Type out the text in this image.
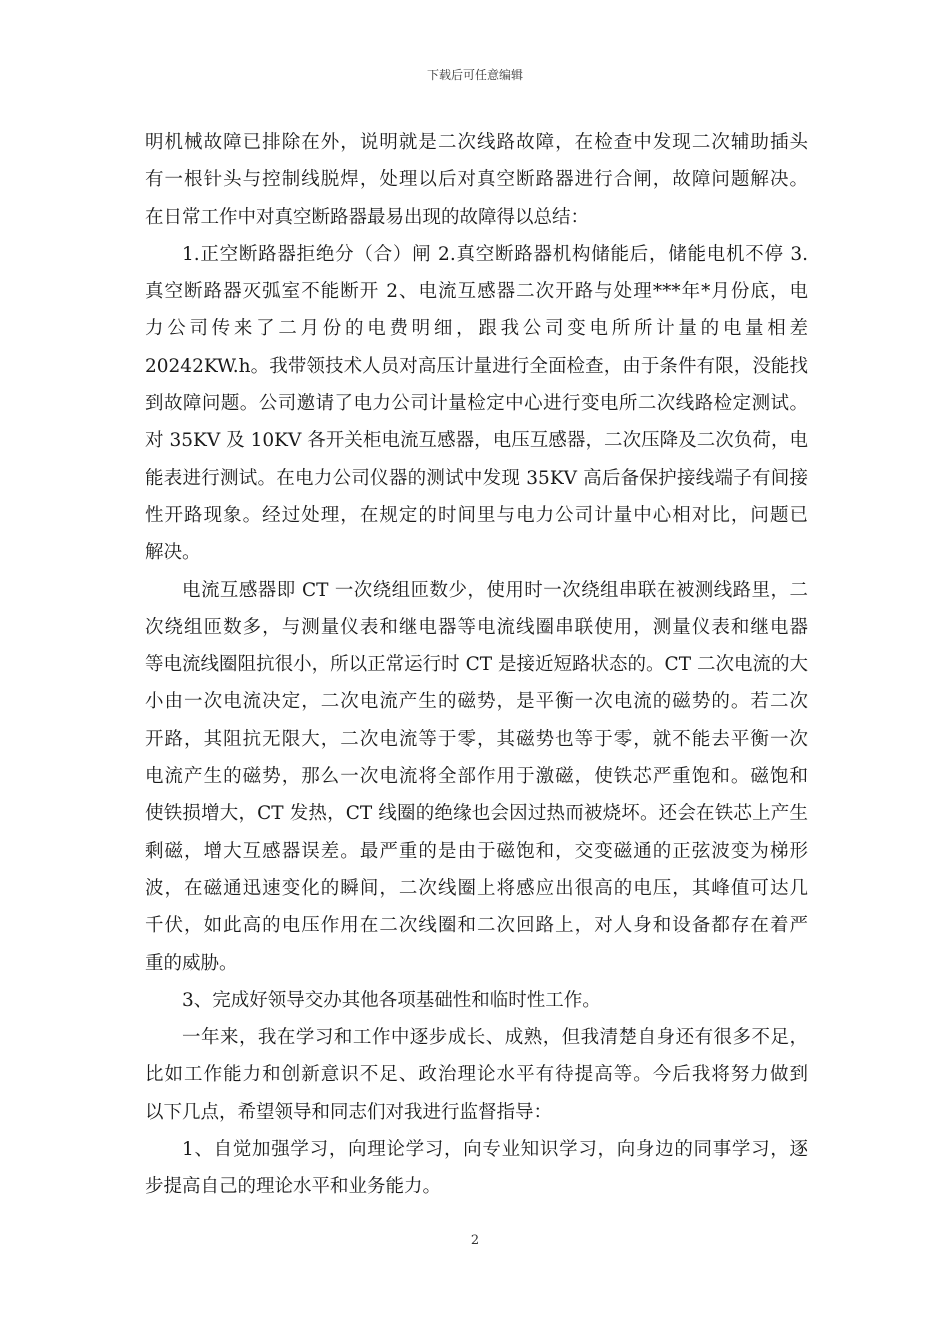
下载后可任意编辑
明机械故障已排除在外，说明就是二次线路故障，在检查中发现二次辅助插头
有一根针头与控制线脱焊，处理以后对真空断路器进行合闸，故障问题解决。
在日常工作中对真空断路器最易出现的故障得以总结：
1.正空断路器拒绝分（合）闸 2.真空断路器机构储能后，储能电机不停 3.
真空断路器灭弧室不能断开 2、电流互感器二次开路与处理***年*月份底，电
力公司传来了二月份的电费明细，跟我公司变电所所计量的电量相差
20242KW.h。我带领技术人员对高压计量进行全面检查，由于条件有限，没能找
到故障问题。公司邀请了电力公司计量检定中心进行变电所二次线路检定测试。
对 35KV 及 10KV 各开关柜电流互感器，电压互感器，二次压降及二次负荷，电
能表进行测试。在电力公司仪器的测试中发现 35KV 高后备保护接线端子有间接
性开路现象。经过处理，在规定的时间里与电力公司计量中心相对比，问题已
解决。
电流互感器即 CT 一次绕组匝数少，使用时一次绕组串联在被测线路里，二
次绕组匝数多，与测量仪表和继电器等电流线圈串联使用，测量仪表和继电器
等电流线圈阻抗很小，所以正常运行时 CT 是接近短路状态的。CT 二次电流的大
小由一次电流决定，二次电流产生的磁势，是平衡一次电流的磁势的。若二次
开路，其阻抗无限大，二次电流等于零，其磁势也等于零，就不能去平衡一次
电流产生的磁势，那么一次电流将全部作用于激磁，使铁芯严重饱和。磁饱和
使铁损增大，CT 发热，CT 线圈的绝缘也会因过热而被烧坏。还会在铁芯上产生
剩磁，增大互感器误差。最严重的是由于磁饱和，交变磁通的正弦波变为梯形
波，在磁通迅速变化的瞬间，二次线圈上将感应出很高的电压，其峰值可达几
千伏，如此高的电压作用在二次线圈和二次回路上，对人身和设备都存在着严
重的威胁。
3、完成好领导交办其他各项基础性和临时性工作。
一年来，我在学习和工作中逐步成长、成熟，但我清楚自身还有很多不足，
比如工作能力和创新意识不足、政治理论水平有待提高等。今后我将努力做到
以下几点，希望领导和同志们对我进行监督指导：
1、自觉加强学习，向理论学习，向专业知识学习，向身边的同事学习，逐
步提高自己的理论水平和业务能力。
2
